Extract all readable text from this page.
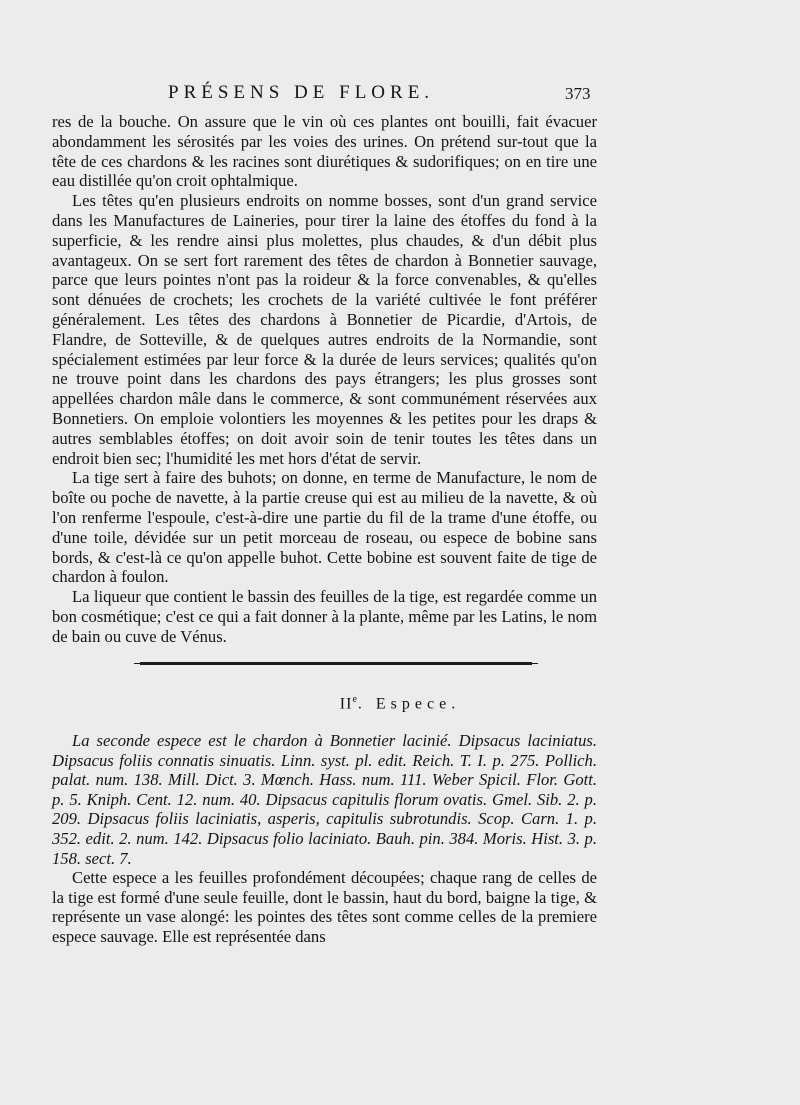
PRÉSENS DE FLORE.	373

res de la bouche. On assure que le vin où ces plantes ont bouilli, fait évacuer abondamment les sérosités par les voies des urines. On prétend sur-tout que la tête de ces chardons & les racines sont diurétiques & sudorifiques; on en tire une eau distillée qu'on croit ophtalmique.

Les têtes qu'en plusieurs endroits on nomme bosses, sont d'un grand service dans les Manufactures de Laineries, pour tirer la laine des étoffes du fond à la superficie, & les rendre ainsi plus molettes, plus chaudes, & d'un débit plus avantageux. On se sert fort rarement des têtes de chardon à Bonnetier sauvage, parce que leurs pointes n'ont pas la roideur & la force convenables, & qu'elles sont dénuées de crochets; les crochets de la variété cultivée le font préférer généralement. Les têtes des chardons à Bonnetier de Picardie, d'Artois, de Flandre, de Sotteville, & de quelques autres endroits de la Normandie, sont spécialement estimées par leur force & la durée de leurs services; qualités qu'on ne trouve point dans les chardons des pays étrangers; les plus grosses sont appellées chardon mâle dans le commerce, & sont communément réservées aux Bonnetiers. On emploie volontiers les moyennes & les petites pour les draps & autres semblables étoffes; on doit avoir soin de tenir toutes les têtes dans un endroit bien sec; l'humidité les met hors d'état de servir.

La tige sert à faire des buhots; on donne, en terme de Manufacture, le nom de boîte ou poche de navette, à la partie creuse qui est au milieu de la navette, & où l'on renferme l'espoule, c'est-à-dire une partie du fil de la trame d'une étoffe, ou d'une toile, dévidée sur un petit morceau de roseau, ou espece de bobine sans bords, & c'est-là ce qu'on appelle buhot. Cette bobine est souvent faite de tige de chardon à foulon.

La liqueur que contient le bassin des feuilles de la tige, est regardée comme un bon cosmétique; c'est ce qui a fait donner à la plante, même par les Latins, le nom de bain ou cuve de Vénus.

IIe. Espece.

La seconde espece est le chardon à Bonnetier lacinié. Dipsacus laciniatus. Dipsacus foliis connatis sinuatis. Linn. syst. pl. edit. Reich. T. I. p. 275. Pollich. palat. num. 138. Mill. Dict. 3. Mœnch. Hass. num. 111. Weber Spicil. Flor. Gott. p. 5. Kniph. Cent. 12. num. 40. Dipsacus capitulis florum ovatis. Gmel. Sib. 2. p. 209. Dipsacus foliis laciniatis, asperis, capitulis subrotundis. Scop. Carn. 1. p. 352. edit. 2. num. 142. Dipsacus folio laciniato. Bauh. pin. 384. Moris. Hist. 3. p. 158. sect. 7.

Cette espece a les feuilles profondément découpées; chaque rang de celles de la tige est formé d'une seule feuille, dont le bassin, haut du bord, baigne la tige, & représente un vase alongé: les pointes des têtes sont comme celles de la premiere espece sauvage. Elle est représentée dans
